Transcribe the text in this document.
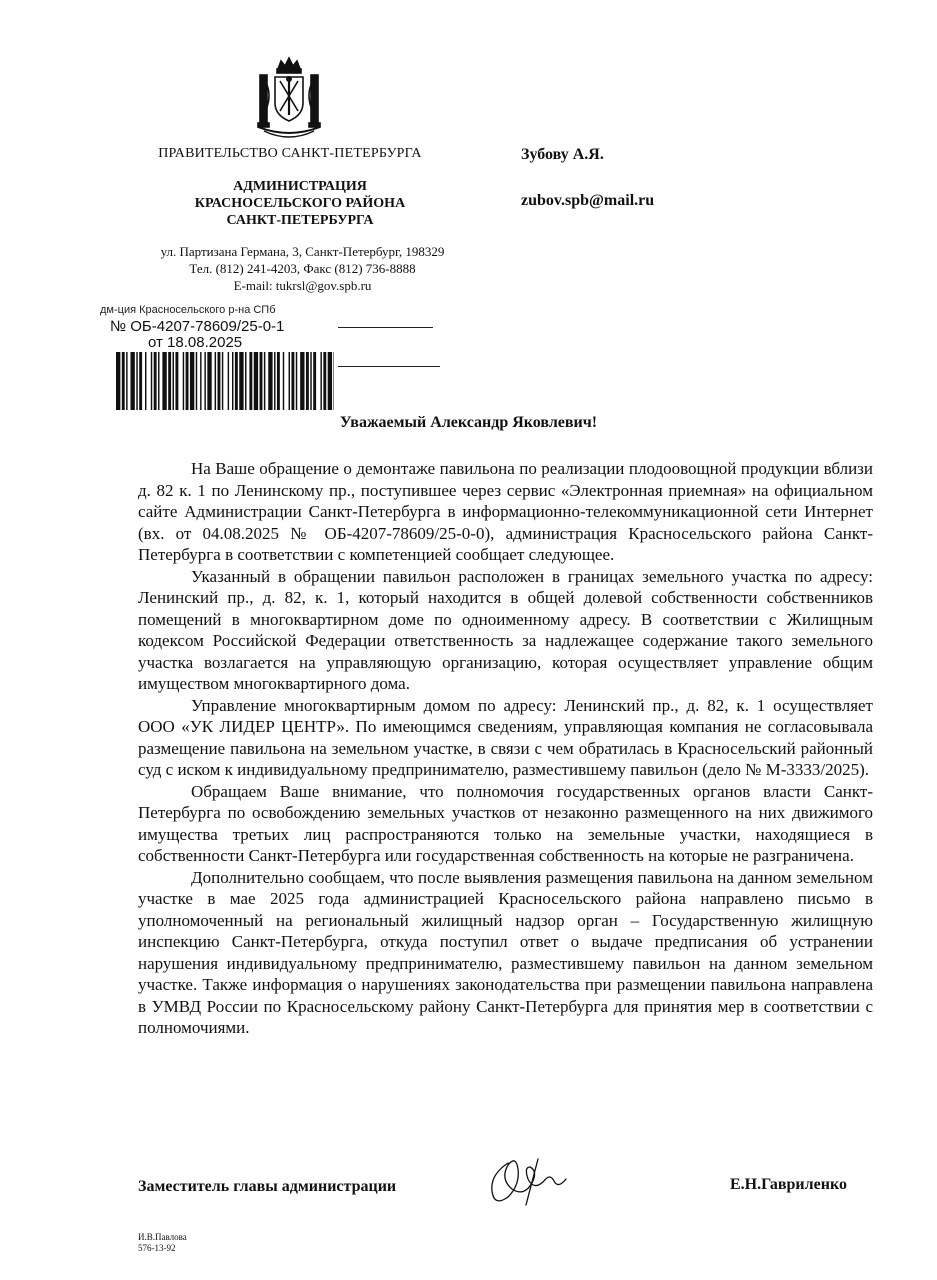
ПРАВИТЕЛЬСТВО САНКТ-ПЕТЕРБУРГА
АДМИНИСТРАЦИЯ
КРАСНОСЕЛЬСКОГО РАЙОНА
САНКТ-ПЕТЕРБУРГА
ул. Партизана Германа, 3, Санкт-Петербург, 198329
Тел. (812) 241-4203, Факс (812) 736-8888
E-mail: tukrsl@gov.spb.ru
Зубову А.Я.
zubov.spb@mail.ru
дм-ция Красносельского р-на СПб
№ ОБ-4207-78609/25-0-1
от 18.08.2025
Уважаемый Александр Яковлевич!

На Ваше обращение о демонтаже павильона по реализации плодоовощной продукции вблизи д. 82 к. 1 по Ленинскому пр., поступившее через сервис «Электронная приемная» на официальном сайте Администрации Санкт-Петербурга в информационно-телекоммуникационной сети Интернет (вх. от 04.08.2025 № ОБ-4207-78609/25-0-0), администрация Красносельского района Санкт-Петербурга в соответствии с компетенцией сообщает следующее.

Указанный в обращении павильон расположен в границах земельного участка по адресу: Ленинский пр., д. 82, к. 1, который находится в общей долевой собственности собственников помещений в многоквартирном доме по одноименному адресу. В соответствии с Жилищным кодексом Российской Федерации ответственность за надлежащее содержание такого земельного участка возлагается на управляющую организацию, которая осуществляет управление общим имуществом многоквартирного дома.

Управление многоквартирным домом по адресу: Ленинский пр., д. 82, к. 1 осуществляет ООО «УК ЛИДЕР ЦЕНТР». По имеющимся сведениям, управляющая компания не согласовывала размещение павильона на земельном участке, в связи с чем обратилась в Красносельский районный суд с иском к индивидуальному предпринимателю, разместившему павильон (дело № М-3333/2025).

Обращаем Ваше внимание, что полномочия государственных органов власти Санкт-Петербурга по освобождению земельных участков от незаконно размещенного на них движимого имущества третьих лиц распространяются только на земельные участки, находящиеся в собственности Санкт-Петербурга или государственная собственность на которые не разграничена.

Дополнительно сообщаем, что после выявления размещения павильона на данном земельном участке в мае 2025 года администрацией Красносельского района направлено письмо в уполномоченный на региональный жилищный надзор орган – Государственную жилищную инспекцию Санкт-Петербурга, откуда поступил ответ о выдаче предписания об устранении нарушения индивидуальному предпринимателю, разместившему павильон на данном земельном участке. Также информация о нарушениях законодательства при размещении павильона направлена в УМВД России по Красносельскому району Санкт-Петербурга для принятия мер в соответствии с полномочиями.

Заместитель главы администрации	Е.Н.Гавриленко
И.В.Павлова
576-13-92
